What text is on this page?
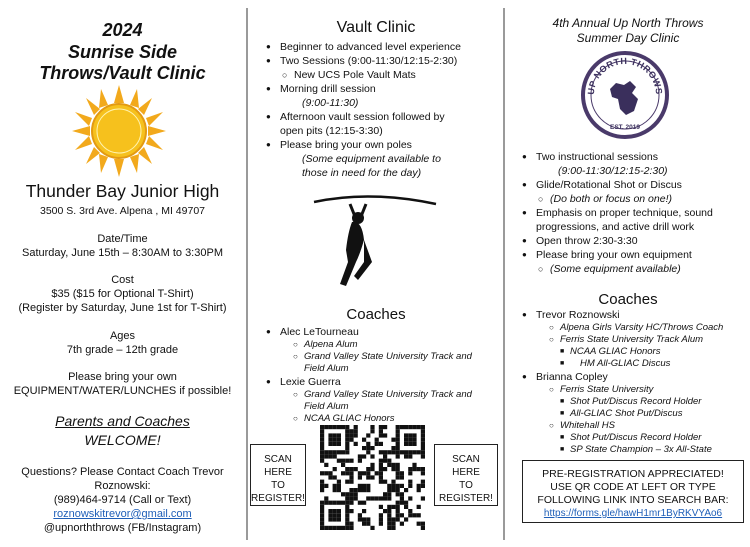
2024
Sunrise Side
Throws/Vault Clinic
Thunder Bay Junior High
3500 S. 3rd Ave. Alpena , MI 49707
Date/Time
Saturday, June 15th – 8:30AM to 3:30PM
Cost
$35 ($15 for Optional T-Shirt)
(Register by Saturday, June 1st for T-Shirt)
Ages
7th grade – 12th grade
Please bring your own
EQUIPMENT/WATER/LUNCHES if possible!
Parents and Coaches
WELCOME!
Questions? Please Contact Coach Trevor
Roznowski:
(989)464-9714 (Call or Text)
roznowskitrevor@gmail.com
@upnorththrows (FB/Instagram)
Vault Clinic
● Beginner to advanced level experience
● Two Sessions (9:00-11:30/12:15-2:30)
○ New UCS Pole Vault Mats
● Morning drill session
(9:00-11:30)
● Afternoon vault session followed by
open pits (12:15-3:30)
● Please bring your own poles
(Some equipment available to
those in need for the day)
Coaches
● Alec LeTourneau
○ Alpena Alum
○ Grand Valley State University Track and
Field Alum
● Lexie Guerra
○ Grand Valley State University Track and
Field Alum
○ NCAA GLIAC Honors
SCAN
HERE
TO
REGISTER!
SCAN
HERE
TO
REGISTER!
4th Annual Up North Throws
Summer Day Clinic
UP NORTH THROWS
EST. 2019
● Two instructional sessions
(9:00-11:30/12:15-2:30)
● Glide/Rotational Shot or Discus
○ (Do both or focus on one!)
● Emphasis on proper technique, sound
progressions, and active drill work
● Open throw 2:30-3:30
● Please bring your own equipment
○ (Some equipment available)
Coaches
● Trevor Roznowski
○ Alpena Girls Varsity HC/Throws Coach
○ Ferris State University Track Alum
■ NCAA GLIAC Honors
■ HM All-GLIAC Discus
● Brianna Copley
○ Ferris State University
■ Shot Put/Discus Record Holder
■ All-GLIAC Shot Put/Discus
○ Whitehall HS
■ Shot Put/Discus Record Holder
■ SP State Champion – 3x All-State
PRE-REGISTRATION APPRECIATED!
USE QR CODE AT LEFT OR TYPE
FOLLOWING LINK INTO SEARCH BAR:
https://forms.gle/hawH1mr1ByRKVYAo6
